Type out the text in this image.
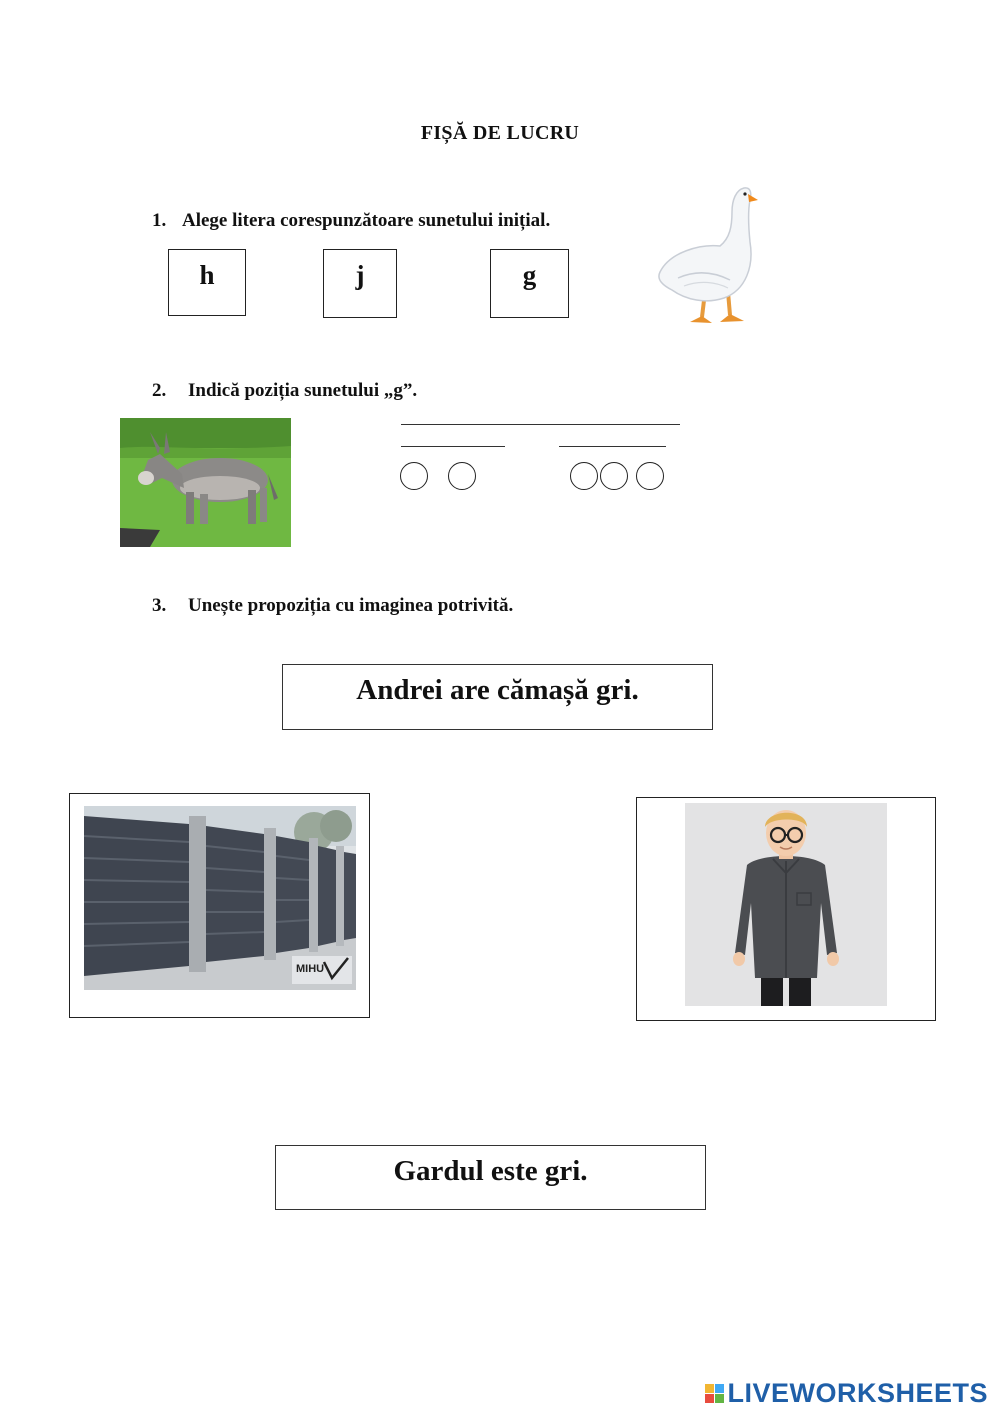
FIȘĂ DE LUCRU
1. Alege litera corespunzătoare sunetului inițial.
h	j	g
2. Indică poziția sunetului „g”.
3. Unește propoziția cu imaginea potrivită.
Andrei are cămașă gri.
MIHU
Gardul este gri.
LIVEWORKSHEETS
